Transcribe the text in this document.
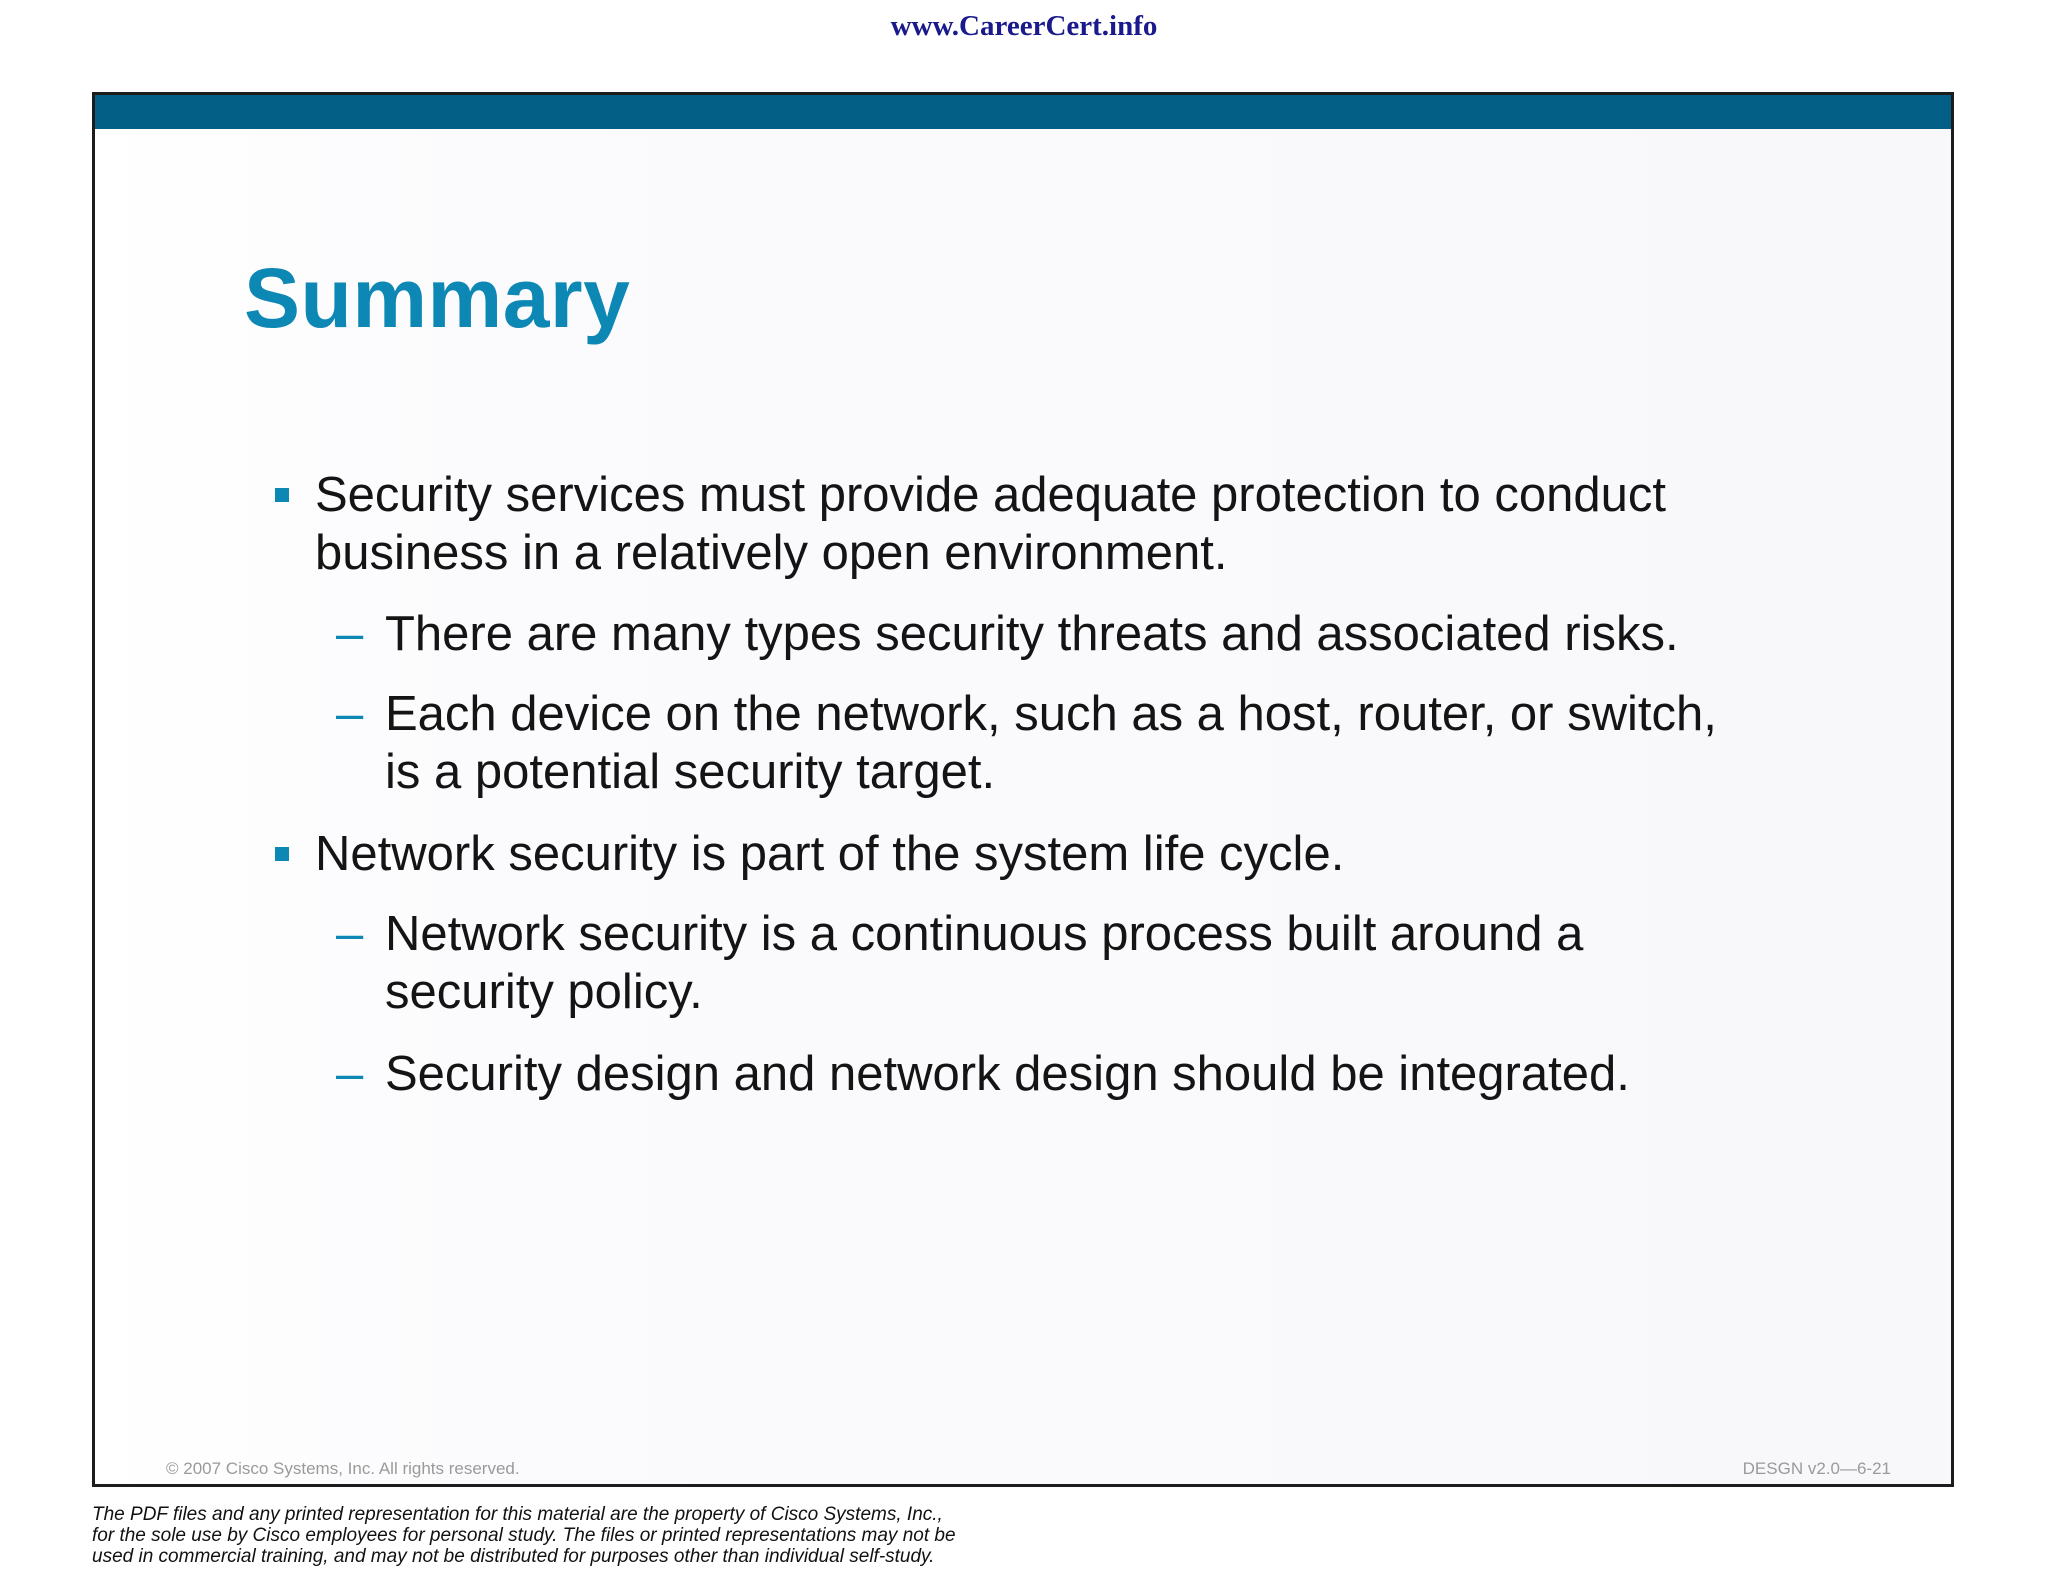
www.CareerCert.info
Summary
Security services must provide adequate protection to conduct
business in a relatively open environment.
– There are many types security threats and associated risks.
– Each device on the network, such as a host, router, or switch,
is a potential security target.
Network security is part of the system life cycle.
– Network security is a continuous process built around a
security policy.
– Security design and network design should be integrated.
© 2007 Cisco Systems, Inc. All rights reserved.	DESGN v2.0—6-21
The PDF files and any printed representation for this material are the property of Cisco Systems, Inc.,
for the sole use by Cisco employees for personal study. The files or printed representations may not be
used in commercial training, and may not be distributed for purposes other than individual self-study.
